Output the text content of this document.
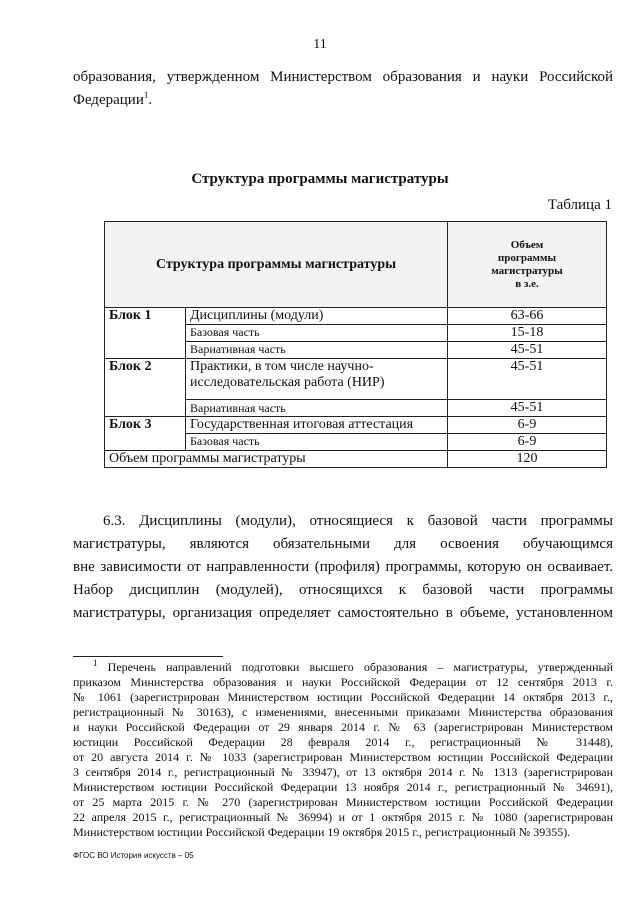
11
образования, утвержденном Министерством образования и науки Российской
Федерации$^1$.
Структура программы магистратуры
Таблица 1
Структура программы магистратуры		Объем
программы
магистратуры
в з.е.
Блок 1	Дисциплины (модули)	63-66
	Базовая часть	15-18
	Вариативная часть	45-51
Блок 2	Практики, в том числе научно-
исследовательская работа (НИР)	45-51
	Вариативная часть	45-51
Блок 3	Государственная итоговая аттестация	6-9
	Базовая часть	6-9
Объем программы магистратуры		120
6.3. Дисциплины (модули), относящиеся к базовой части программы
магистратуры, являются обязательными для освоения обучающимся
вне зависимости от направленности (профиля) программы, которую он осваивает.
Набор дисциплин (модулей), относящихся к базовой части программы
магистратуры, организация определяет самостоятельно в объеме, установленном
$^1$ Перечень направлений подготовки высшего образования – магистратуры, утвержденный
приказом Министерства образования и науки Российской Федерации от 12 сентября 2013 г.
№ 1061 (зарегистрирован Министерством юстиции Российской Федерации 14 октября 2013 г.,
регистрационный № 30163), с изменениями, внесенными приказами Министерства образования
и науки Российской Федерации от 29 января 2014 г. № 63 (зарегистрирован Министерством
юстиции Российской Федерации 28 февраля 2014 г., регистрационный № 31448),
от 20 августа 2014 г. № 1033 (зарегистрирован Министерством юстиции Российской Федерации
3 сентября 2014 г., регистрационный № 33947), от 13 октября 2014 г. № 1313 (зарегистрирован
Министерством юстиции Российской Федерации 13 ноября 2014 г., регистрационный № 34691),
от 25 марта 2015 г. № 270 (зарегистрирован Министерством юстиции Российской Федерации
22 апреля 2015 г., регистрационный № 36994) и от 1 октября 2015 г. № 1080 (зарегистрирован
Министерством юстиции Российской Федерации 19 октября 2015 г., регистрационный № 39355).
ФГОС ВО История искусств – 05
